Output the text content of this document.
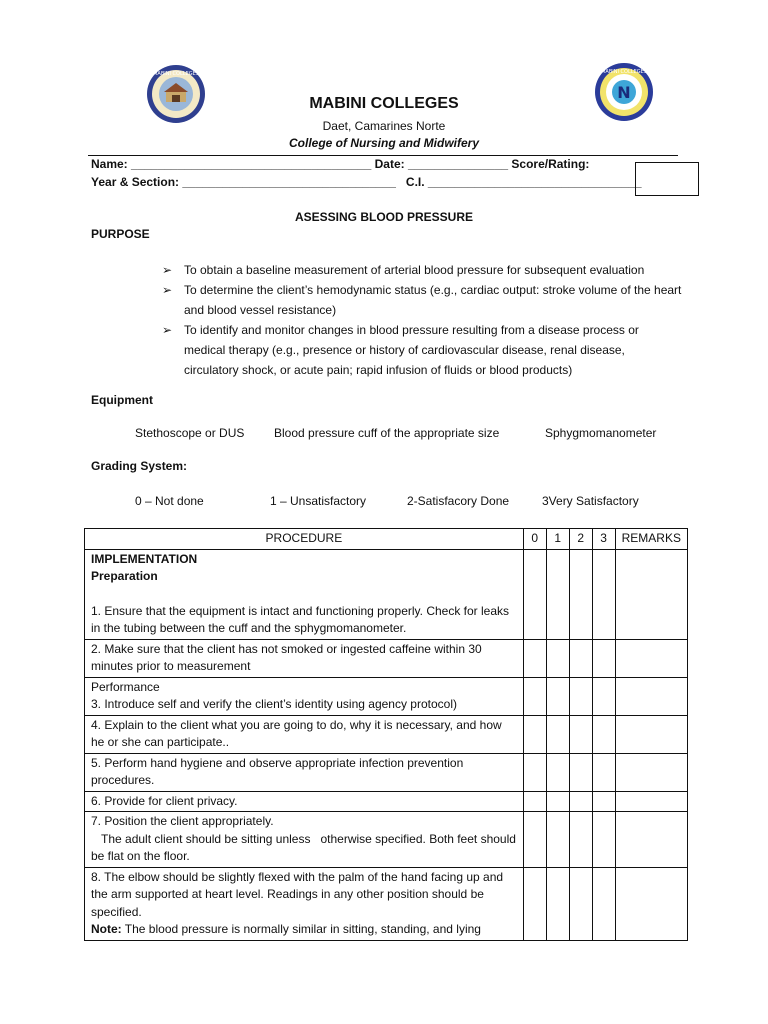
MABINI COLLEGES
N
MABINI COLLEGES
MABINI COLLEGES
Daet, Camarines Norte
College of Nursing and Midwifery
Name: ____________________________________ Date: _______________ Score/Rating:
Year & Section: ________________________________   C.I. ________________________________
ASESSING BLOOD PRESSURE
PURPOSE
➢ To obtain a baseline measurement of arterial blood pressure for subsequent evaluation
➢ To determine the client’s hemodynamic status (e.g., cardiac output: stroke volume of the heart and blood vessel resistance)
➢ To identify and monitor changes in blood pressure resulting from a disease process or medical therapy (e.g., presence or history of cardiovascular disease, renal disease, circulatory shock, or acute pain; rapid infusion of fluids or blood products)
Equipment
Stethoscope or DUS Blood pressure cuff of the appropriate size	Sphygmomanometer
Grading System:
0 – Not done	1 – Unsatisfactory	2-Satisfacory Done	3Very Satisfactory
PROCEDURE	0	1	2	3	REMARKS

IMPLEMENTATION
Preparation
1. Ensure that the equipment is intact and functioning properly. Check for leaks in the tubing between the cuff and the sphygmomanometer.					

2. Make sure that the client has not smoked or ingested caffeine within 30 minutes prior to measurement					

Performance
3. Introduce self and verify the client’s identity using agency protocol)					

4. Explain to the client what you are going to do, why it is necessary, and how he or she can participate..					

5. Perform hand hygiene and observe appropriate infection prevention procedures.					

6. Provide for client privacy.					

7. Position the client appropriately.
The adult client should be sitting unless   otherwise specified. Both feet should be flat on the floor.					

8. The elbow should be slightly flexed with the palm of the hand facing up and the arm supported at heart level. Readings in any other position should be specified.
Note: The blood pressure is normally similar in sitting, standing, and lying					
